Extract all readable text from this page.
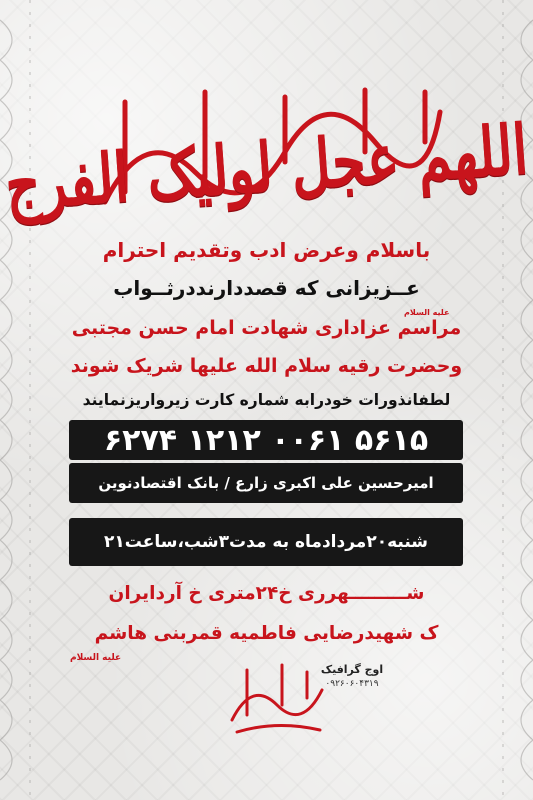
اللهم عجل لولیک الفرج
باسلام وعرض ادب وتقدیم احترام
عــزیزانی که قصددارنددرثــواب
علیه السلام
مراسم عزاداری شهادت امام حسن مجتبی
وحضرت رقیه سلام الله علیها شریک شوند
لطفانذورات خودرابه شماره کارت زیرواریزنمایند
۶۲۷۴ ۱۲۱۲ ۰۰۶۱ ۵۶۱۵
امیرحسین علی اکبری زارع / بانک اقتصادنوین
شنبه۲۰مردادماه به مدت۳شب،ساعت۲۱
شـــــــــهرری خ۲۴متری خ آردایران
ک شهیدرضایی فاطمیه قمربنی هاشم
علیه السلام
اوج گرافیک
۰۹۲۶۰۶۰۴۳۱۹
